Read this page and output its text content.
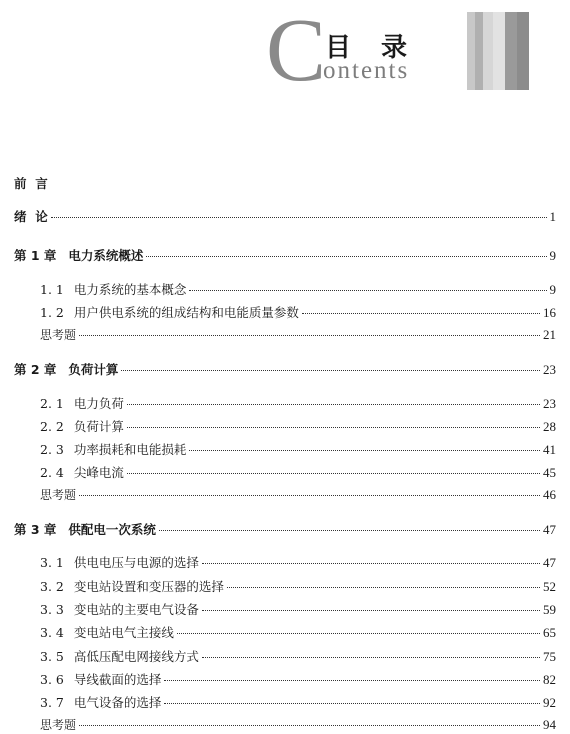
C
目录
ontents
前  言
绪  论	1
第 1 章 电力系统概述	9
1. 1 电力系统的基本概念	9
1. 2 用户供电系统的组成结构和电能质量参数	16
思考题	21
第 2 章 负荷计算	23
2. 1 电力负荷	23
2. 2 负荷计算	28
2. 3 功率损耗和电能损耗	41
2. 4 尖峰电流	45
思考题	46
第 3 章 供配电一次系统	47
3. 1 供电电压与电源的选择	47
3. 2 变电站设置和变压器的选择	52
3. 3 变电站的主要电气设备	59
3. 4 变电站电气主接线	65
3. 5 高低压配电网接线方式	75
3. 6 导线截面的选择	82
3. 7 电气设备的选择	92
思考题	94
